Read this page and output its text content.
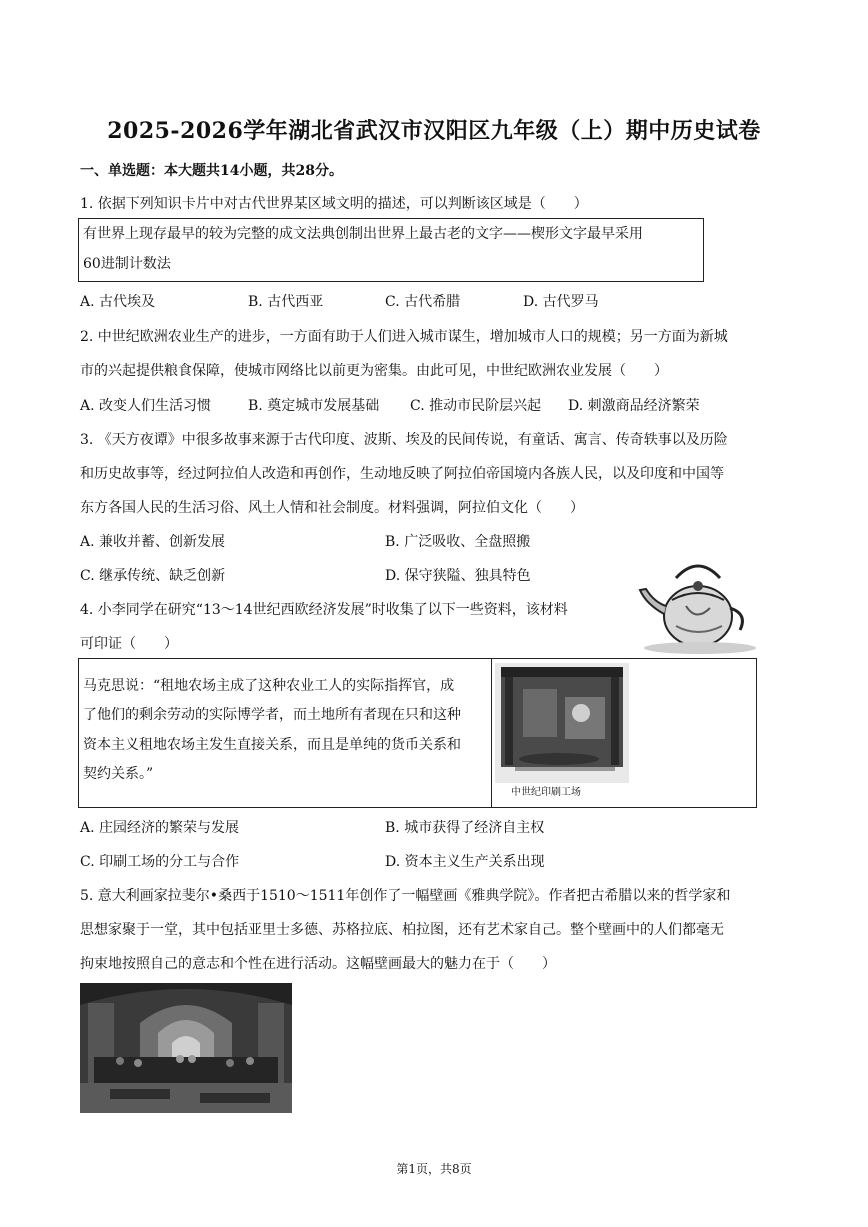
2025-2026学年湖北省武汉市汉阳区九年级（上）期中历史试卷
一、单选题：本大题共14小题，共28分。
1. 依据下列知识卡片中对古代世界某区域文明的描述，可以判断该区域是（　　）
有世界上现存最早的较为完整的成文法典创制出世界上最古老的文字——楔形文字最早采用
60进制计数法
A. 古代埃及	B. 古代西亚	C. 古代希腊	D. 古代罗马
2. 中世纪欧洲农业生产的进步，一方面有助于人们进入城市谋生，增加城市人口的规模；另一方面为新城
市的兴起提供粮食保障，使城市网络比以前更为密集。由此可见，中世纪欧洲农业发展（　　）
A. 改变人们生活习惯	B. 奠定城市发展基础 C. 推动市民阶层兴起 D. 刺激商品经济繁荣
3. 《天方夜谭》中很多故事来源于古代印度、波斯、埃及的民间传说，有童话、寓言、传奇轶事以及历险
和历史故事等，经过阿拉伯人改造和再创作，生动地反映了阿拉伯帝国境内各族人民，以及印度和中国等
东方各国人民的生活习俗、风土人情和社会制度。材料强调，阿拉伯文化（　　）
A. 兼收并蓄、创新发展	B. 广泛吸收、全盘照搬
C. 继承传统、缺乏创新	D. 保守狭隘、独具特色
4. 小李同学在研究“13～14世纪西欧经济发展”时收集了以下一些资料，该材料
可印证（　　）
马克思说：“租地农场主成了这种农业工人的实际指挥官，成
了他们的剩余劳动的实际博学者，而土地所有者现在只和这种
资本主义租地农场主发生直接关系，而且是单纯的货币关系和
契约关系。”
中世纪印刷工场
A. 庄园经济的繁荣与发展	B. 城市获得了经济自主权
C. 印刷工场的分工与合作	D. 资本主义生产关系出现
5. 意大利画家拉斐尔•桑西于1510～1511年创作了一幅壁画《雅典学院》。作者把古希腊以来的哲学家和
思想家聚于一堂，其中包括亚里士多德、苏格拉底、柏拉图，还有艺术家自己。整个壁画中的人们都毫无
拘束地按照自己的意志和个性在进行活动。这幅壁画最大的魅力在于（　　）
第1页，共8页
